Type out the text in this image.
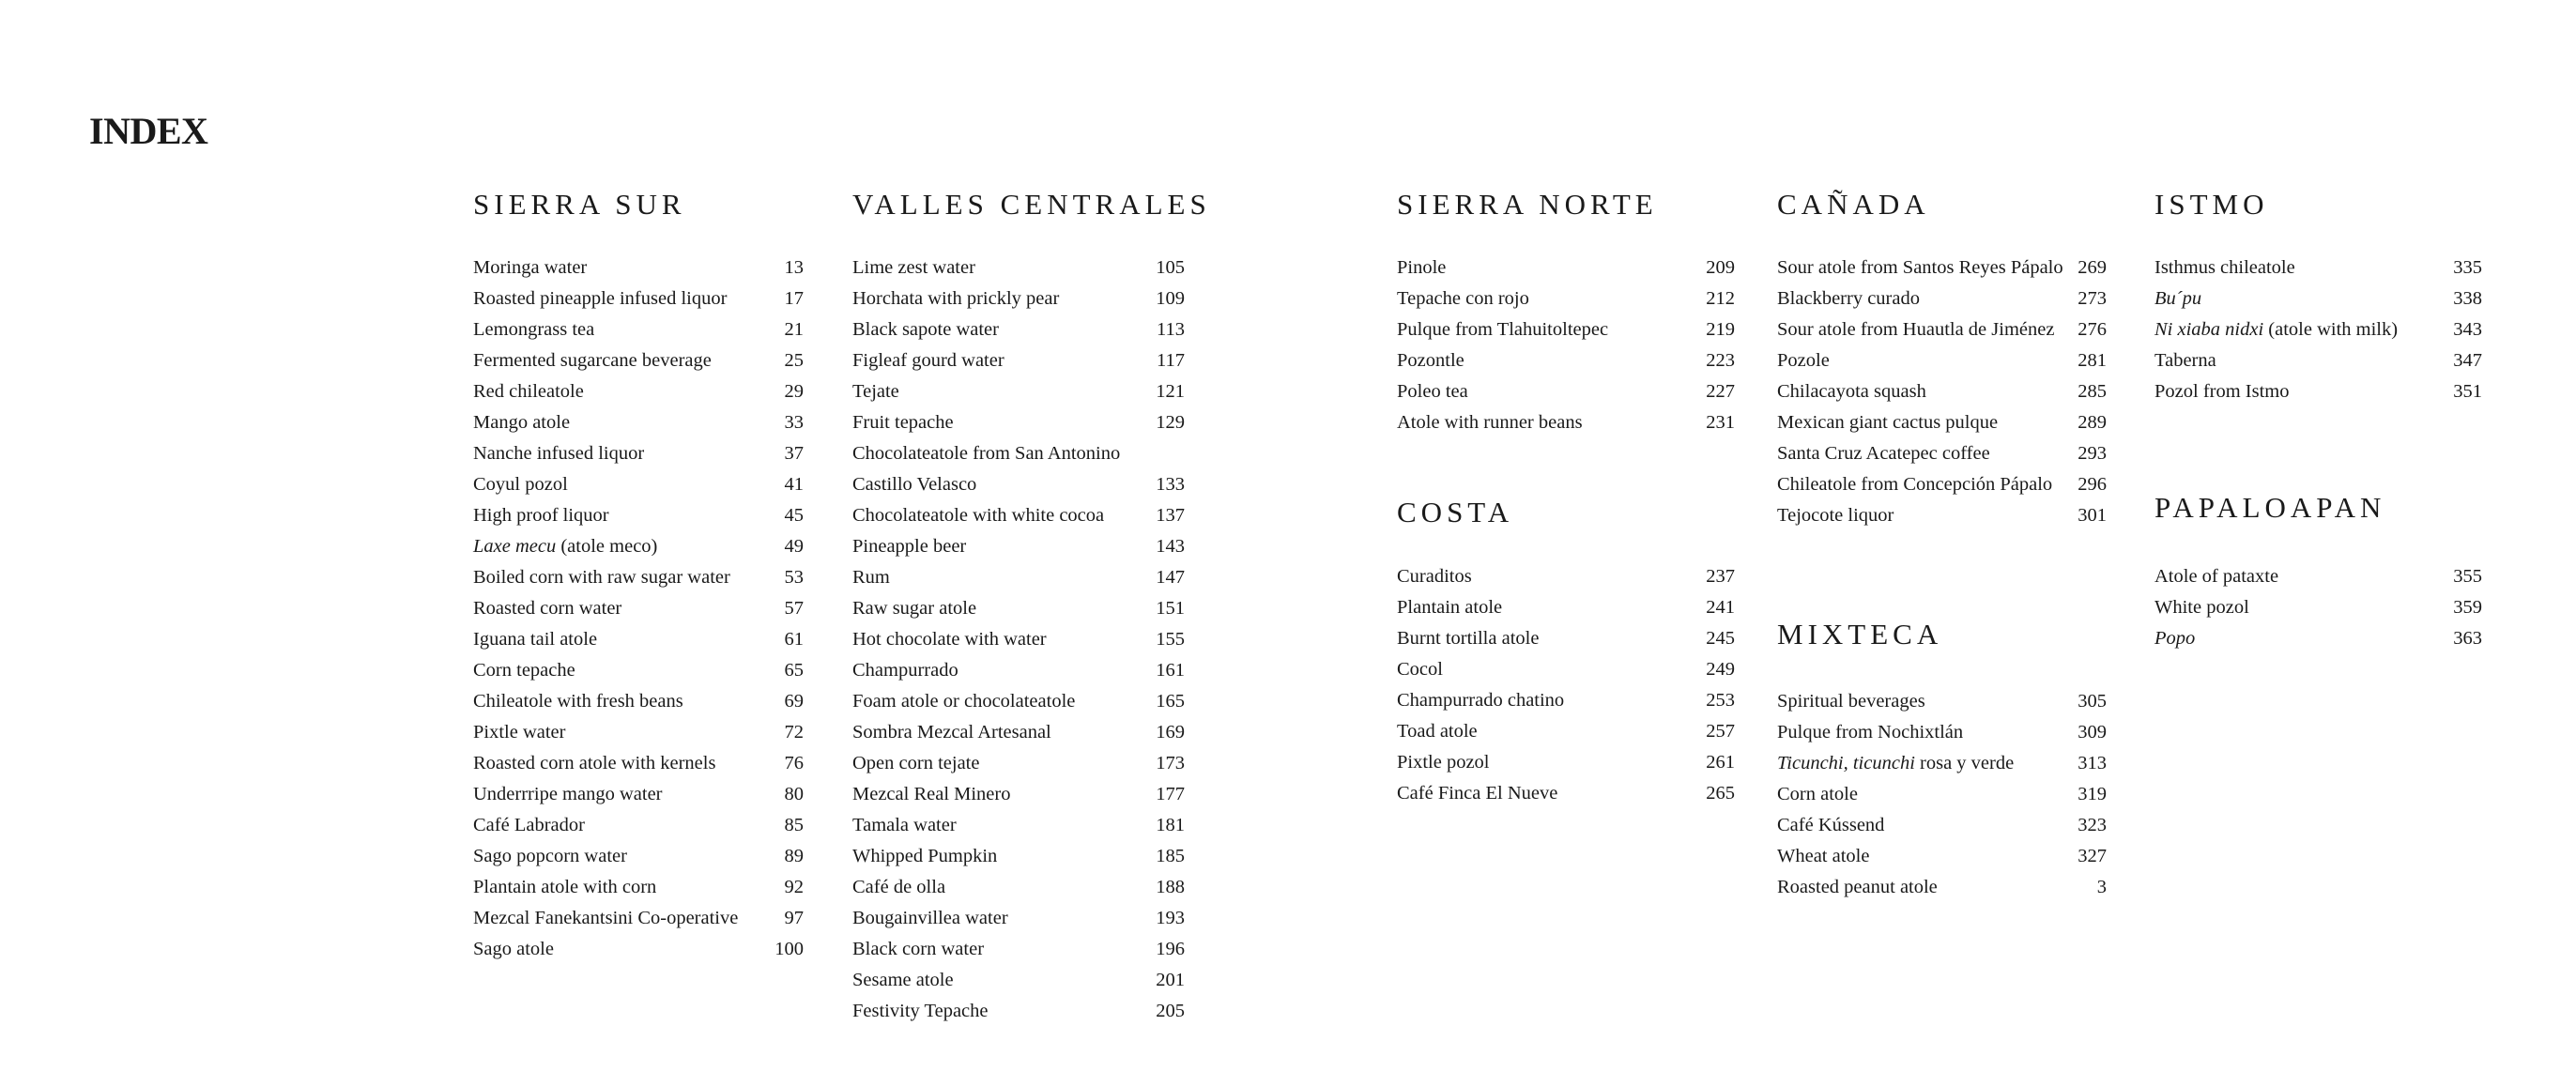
INDEX
SIERRA SUR
Moringa water	13
Roasted pineapple infused liquor	17
Lemongrass tea	21
Fermented sugarcane beverage	25
Red chileatole	29
Mango atole	33
Nanche infused liquor	37
Coyul pozol	41
High proof liquor	45
Laxe mecu (atole meco)	49
Boiled corn with raw sugar water	53
Roasted corn water	57
Iguana tail atole	61
Corn tepache	65
Chileatole with fresh beans	69
Pixtle water	72
Roasted corn atole with kernels	76
Underrripe mango water	80
Café Labrador	85
Sago popcorn water	89
Plantain atole with corn	92
Mezcal Fanekantsini Co-operative	97
Sago atole	100
VALLES CENTRALES
Lime zest water	105
Horchata with prickly pear	109
Black sapote water	113
Figleaf gourd water	117
Tejate	121
Fruit tepache	129
Chocolateatole from San Antonino
Castillo Velasco	133
Chocolateatole with white cocoa	137
Pineapple beer	143
Rum	147
Raw sugar atole	151
Hot chocolate with water	155
Champurrado	161
Foam atole or chocolateatole	165
Sombra Mezcal Artesanal	169
Open corn tejate	173
Mezcal Real Minero	177
Tamala water	181
Whipped Pumpkin	185
Café de olla	188
Bougainvillea water	193
Black corn water	196
Sesame atole	201
Festivity Tepache	205
SIERRA NORTE
Pinole	209
Tepache con rojo	212
Pulque from Tlahuitoltepec	219
Pozontle	223
Poleo tea	227
Atole with runner beans	231
COSTA
Curaditos	237
Plantain atole	241
Burnt tortilla atole	245
Cocol	249
Champurrado chatino	253
Toad atole	257
Pixtle pozol	261
Café Finca El Nueve	265
CAÑADA
Sour atole from Santos Reyes Pápalo 269
Blackberry curado	273
Sour atole from Huautla de Jiménez	276
Pozole	281
Chilacayota squash	285
Mexican giant cactus pulque	289
Santa Cruz Acatepec coffee	293
Chileatole from Concepción Pápalo	296
Tejocote liquor	301
MIXTECA
Spiritual beverages	305
Pulque from Nochixtlán	309
Ticunchi, ticunchi rosa y verde	313
Corn atole	319
Café Kússend	323
Wheat atole	327
Roasted peanut atole	3
ISTMO
Isthmus chileatole	335
Bu´pu	338
Ni xiaba nidxi (atole with milk)	343
Taberna	347
Pozol from Istmo	351
PAPALOAPAN
Atole of pataxte	355
White pozol	359
Popo	363
